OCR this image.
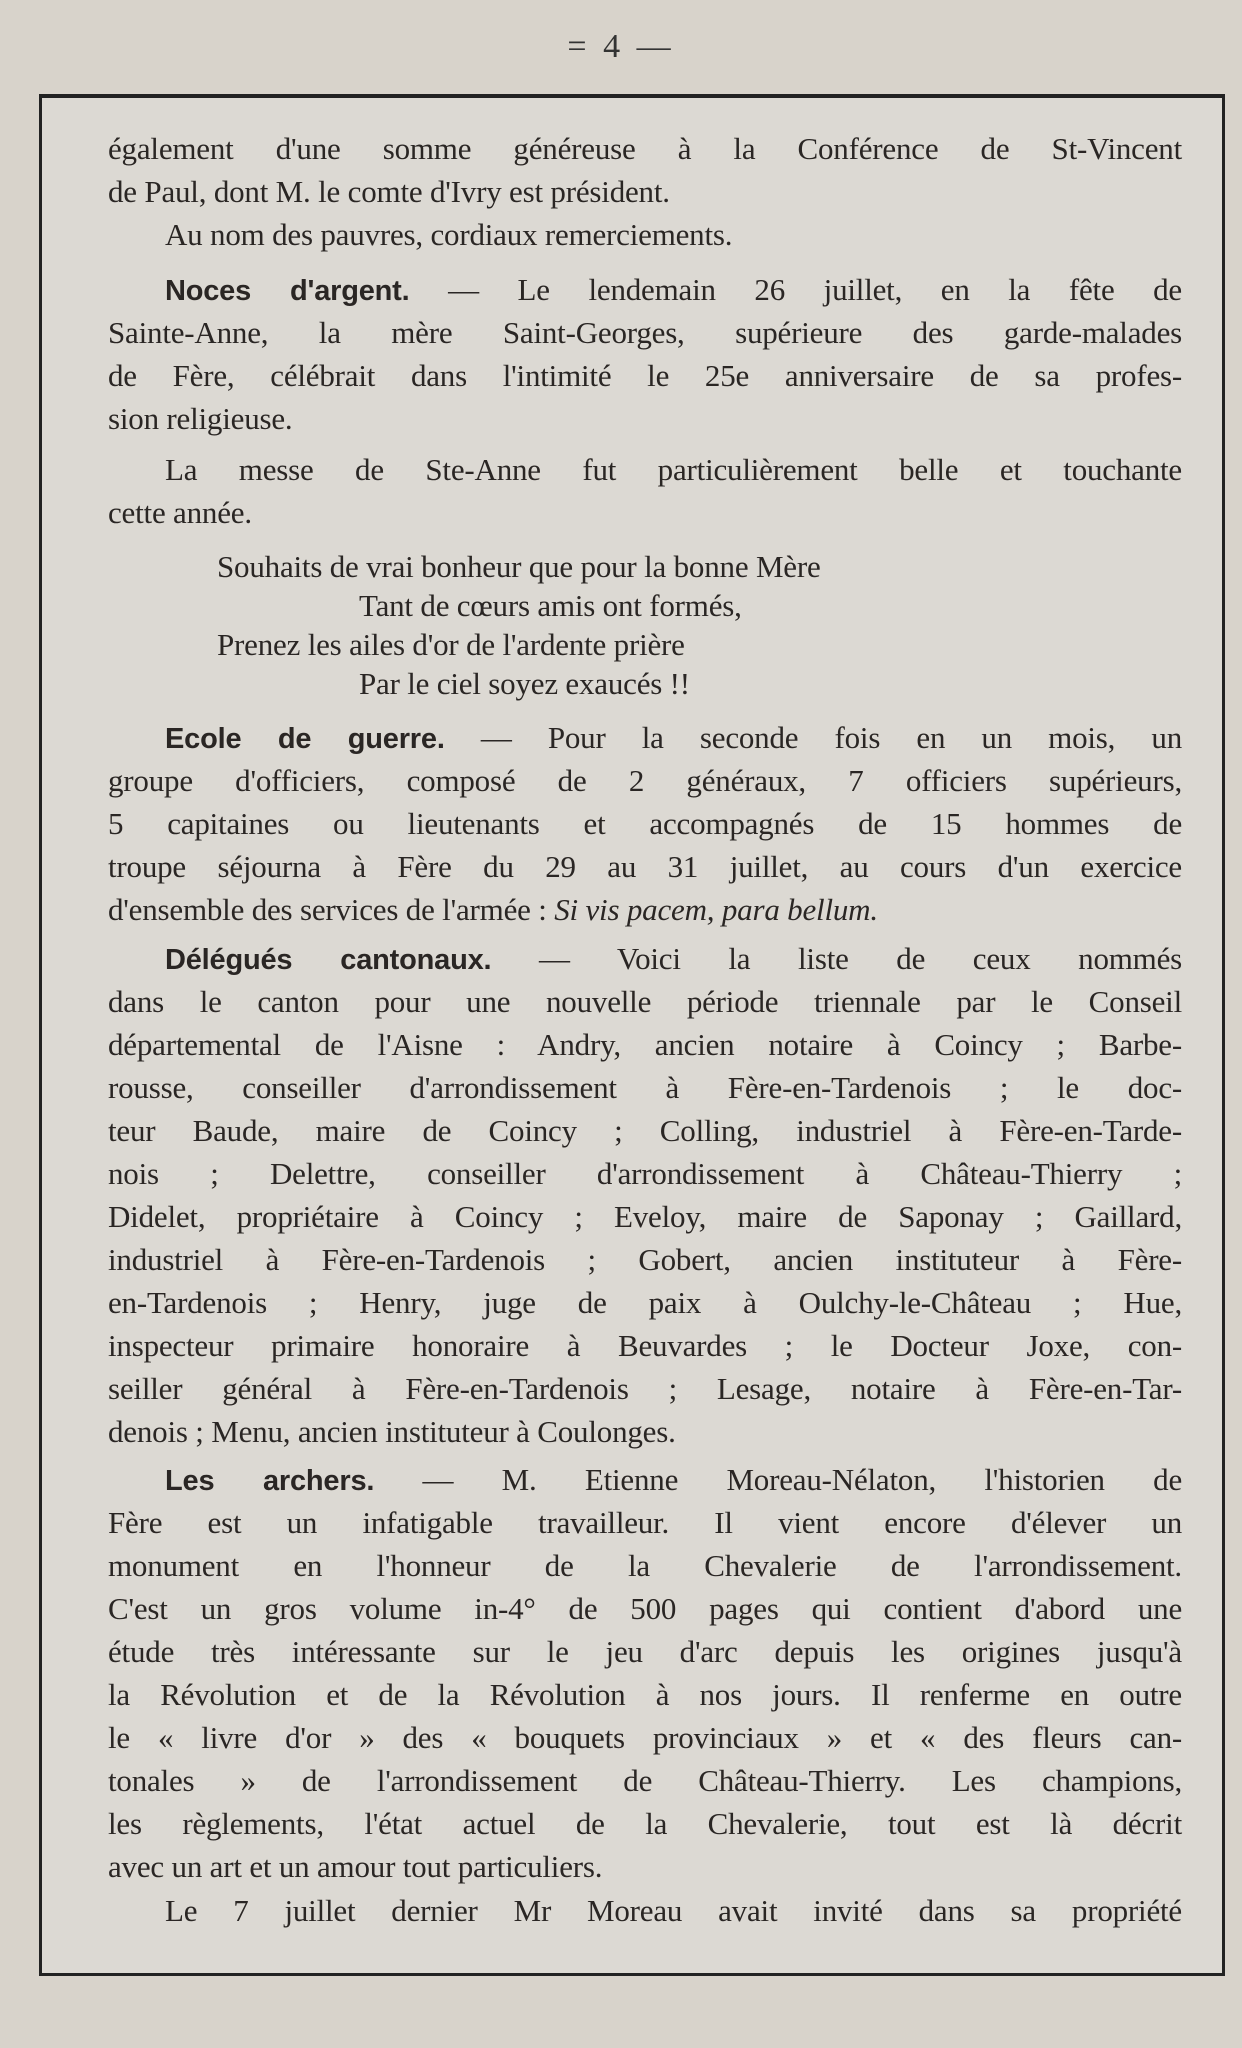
= 4 —
également d'une somme généreuse à la Conférence de St-Vincent
de Paul, dont M. le comte d'Ivry est président.
Au nom des pauvres, cordiaux remerciements.
Noces d'argent. — Le lendemain 26 juillet, en la fête de
Sainte-Anne, la mère Saint-Georges, supérieure des garde-malades
de Fère, célébrait dans l'intimité le 25e anniversaire de sa profes-
sion religieuse.
La messe de Ste-Anne fut particulièrement belle et touchante
cette année.
Souhaits de vrai bonheur que pour la bonne Mère
Tant de cœurs amis ont formés,
Prenez les ailes d'or de l'ardente prière
Par le ciel soyez exaucés !!
Ecole de guerre. — Pour la seconde fois en un mois, un
groupe d'officiers, composé de 2 généraux, 7 officiers supérieurs,
5 capitaines ou lieutenants et accompagnés de 15 hommes de
troupe séjourna à Fère du 29 au 31 juillet, au cours d'un exercice
d'ensemble des services de l'armée : Si vis pacem, para bellum.
Délégués cantonaux. — Voici la liste de ceux nommés
dans le canton pour une nouvelle période triennale par le Conseil
départemental de l'Aisne : Andry, ancien notaire à Coincy ; Barbe-
rousse, conseiller d'arrondissement à Fère-en-Tardenois ; le doc-
teur Baude, maire de Coincy ; Colling, industriel à Fère-en-Tarde-
nois ; Delettre, conseiller d'arrondissement à Château-Thierry ;
Didelet, propriétaire à Coincy ; Eveloy, maire de Saponay ; Gaillard,
industriel à Fère-en-Tardenois ; Gobert, ancien instituteur à Fère-
en-Tardenois ; Henry, juge de paix à Oulchy-le-Château ; Hue,
inspecteur primaire honoraire à Beuvardes ; le Docteur Joxe, con-
seiller général à Fère-en-Tardenois ; Lesage, notaire à Fère-en-Tar-
denois ; Menu, ancien instituteur à Coulonges.
Les archers. — M. Etienne Moreau-Nélaton, l'historien de
Fère est un infatigable travailleur. Il vient encore d'élever un
monument en l'honneur de la Chevalerie de l'arrondissement.
C'est un gros volume in-4° de 500 pages qui contient d'abord une
étude très intéressante sur le jeu d'arc depuis les origines jusqu'à
la Révolution et de la Révolution à nos jours. Il renferme en outre
le « livre d'or » des « bouquets provinciaux » et « des fleurs can-
tonales » de l'arrondissement de Château-Thierry. Les champions,
les règlements, l'état actuel de la Chevalerie, tout est là décrit
avec un art et un amour tout particuliers.
Le 7 juillet dernier Mr Moreau avait invité dans sa propriété
